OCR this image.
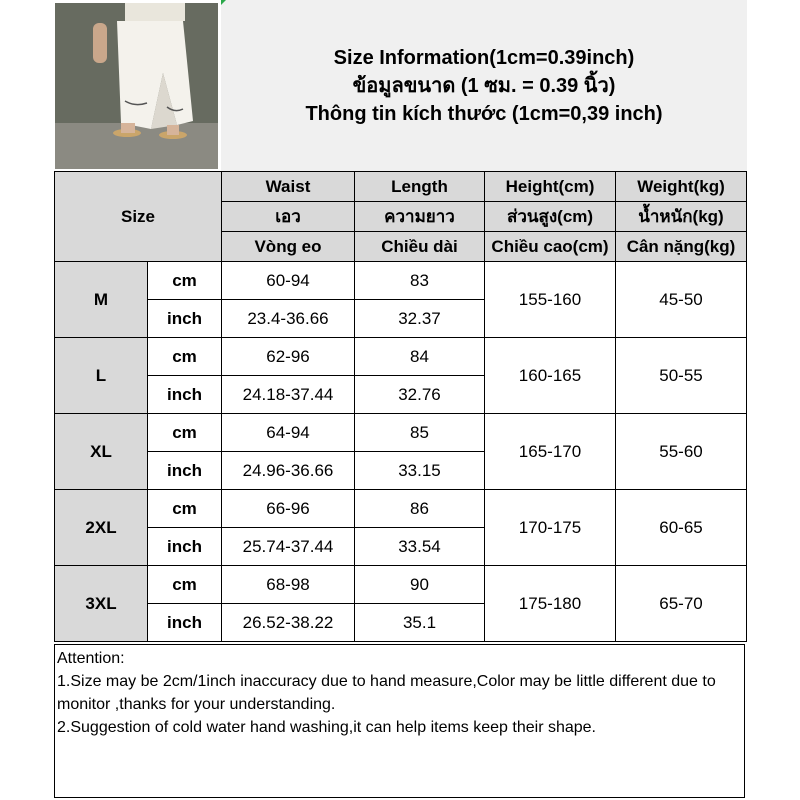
Size Information(1cm=0.39inch)
ข้อมูลขนาด (1 ซม. = 0.39 นิ้ว)
Thông tin kích thước (1cm=0,39 inch)
Size		Waist	Length	Height(cm)	Weight(kg)
		เอว	ความยาว	ส่วนสูง(cm)	น้ำหนัก(kg)
		Vòng eo	Chiều dài	Chiều cao(cm)	Cân nặng(kg)
M	cm	60-94	83	155-160	45-50
	inch	23.4-36.66	32.37		
L	cm	62-96	84	160-165	50-55
	inch	24.18-37.44	32.76		
XL	cm	64-94	85	165-170	55-60
	inch	24.96-36.66	33.15		
2XL	cm	66-96	86	170-175	60-65
	inch	25.74-37.44	33.54		
3XL	cm	68-98	90	175-180	65-70
	inch	26.52-38.22	35.1		
Attention:
1.Size may be 2cm/1inch inaccuracy due to hand measure,Color may be little different due to monitor ,thanks for your understanding.
2.Suggestion of cold water hand washing,it can help items keep their shape.
